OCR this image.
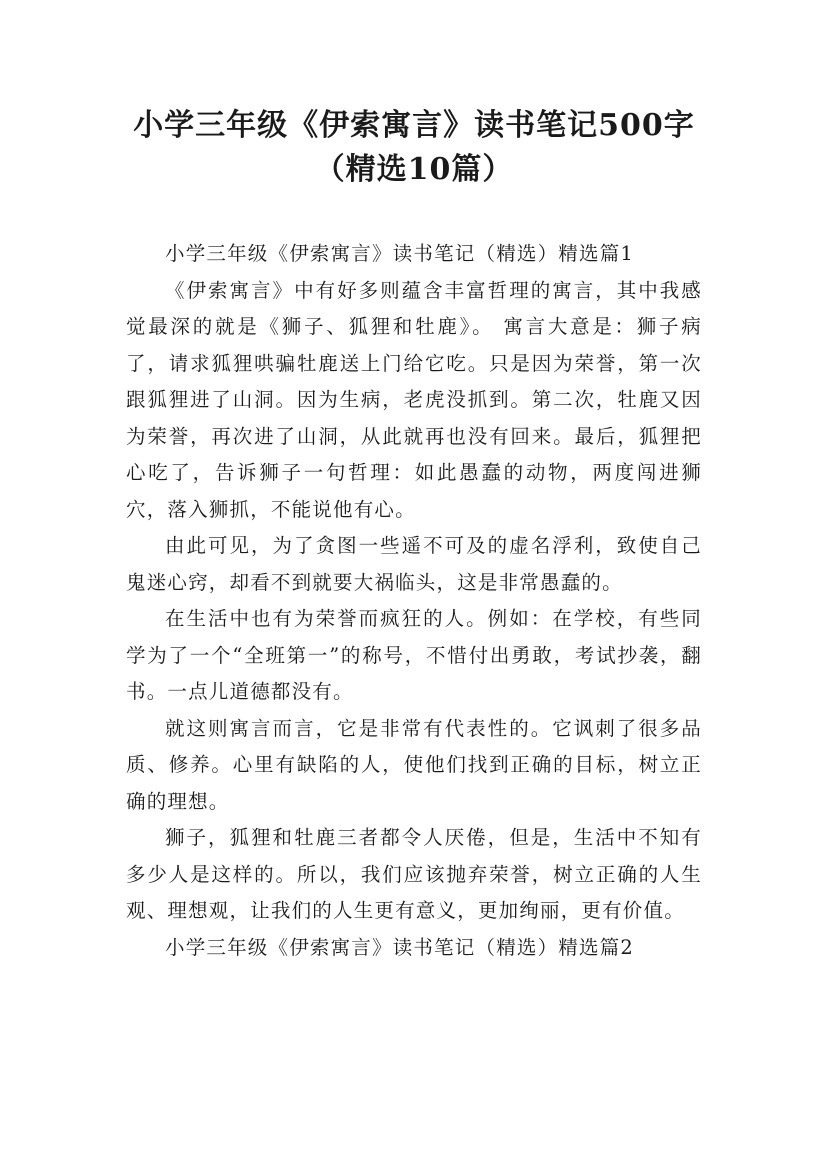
小学三年级《伊索寓言》读书笔记500字
（精选10篇）

小学三年级《伊索寓言》读书笔记（精选）精选篇1

《伊索寓言》中有好多则蕴含丰富哲理的寓言，其中我感觉最深的就是《狮子、狐狸和牡鹿》。 寓言大意是：狮子病了，请求狐狸哄骗牡鹿送上门给它吃。只是因为荣誉，第一次跟狐狸进了山洞。因为生病，老虎没抓到。第二次，牡鹿又因为荣誉，再次进了山洞，从此就再也没有回来。最后，狐狸把心吃了，告诉狮子一句哲理：如此愚蠢的动物，两度闯进狮穴，落入狮抓，不能说他有心。

由此可见，为了贪图一些遥不可及的虚名浮利，致使自己鬼迷心窍，却看不到就要大祸临头，这是非常愚蠢的。

在生活中也有为荣誉而疯狂的人。例如：在学校，有些同学为了一个“全班第一”的称号，不惜付出勇敢，考试抄袭，翻书。一点儿道德都没有。

就这则寓言而言，它是非常有代表性的。它讽刺了很多品质、修养。心里有缺陷的人，使他们找到正确的目标，树立正确的理想。

狮子，狐狸和牡鹿三者都令人厌倦，但是，生活中不知有多少人是这样的。所以，我们应该抛弃荣誉，树立正确的人生观、理想观，让我们的人生更有意义，更加绚丽，更有价值。

小学三年级《伊索寓言》读书笔记（精选）精选篇2
